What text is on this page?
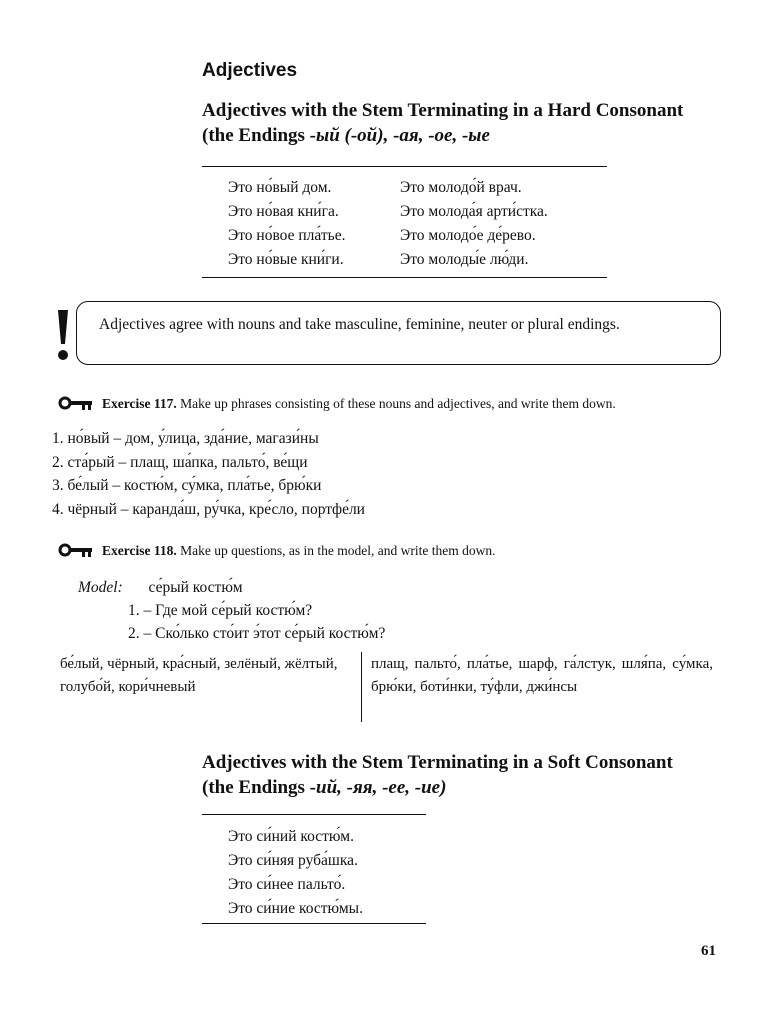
Adjectives
Adjectives with the Stem Terminating in a Hard Consonant
(the Endings -ый (-ой), -ая, -ое, -ые
Это но́вый дом.
Это но́вая кни́га.
Это но́вое пла́тье.
Это но́вые кни́ги.
Это молодо́й врач.
Это молода́я арти́стка.
Это молодо́е де́рево.
Это молоды́е лю́ди.
Adjectives agree with nouns and take masculine, feminine, neuter or plural endings.
Exercise 117. Make up phrases consisting of these nouns and adjectives, and write them down.
1. но́вый – дом, у́лица, зда́ние, магази́ны
2. ста́рый – плащ, ша́пка, пальто́, ве́щи
3. бе́лый – костю́м, су́мка, пла́тье, брю́ки
4. чёрный – каранда́ш, ру́чка, кре́сло, портфе́ли
Exercise 118. Make up questions, as in the model, and write them down.
Model: се́рый костю́м
1. – Где мой се́рый костю́м?
2. – Ско́лько сто́ит э́тот се́рый костю́м?
бе́лый, чёрный, кра́сный, зелёный, жёлтый, голубо́й, кори́чневый
плащ, пальто́, пла́тье, шарф, га́лстук, шля́па, су́мка, брю́ки, боти́нки, ту́фли, джи́нсы
Adjectives with the Stem Terminating in a Soft Consonant
(the Endings -ий, -яя, -ее, -ие)
Это си́ний костю́м.
Это си́няя руба́шка.
Это си́нее пальто́.
Это си́ние костю́мы.
61
